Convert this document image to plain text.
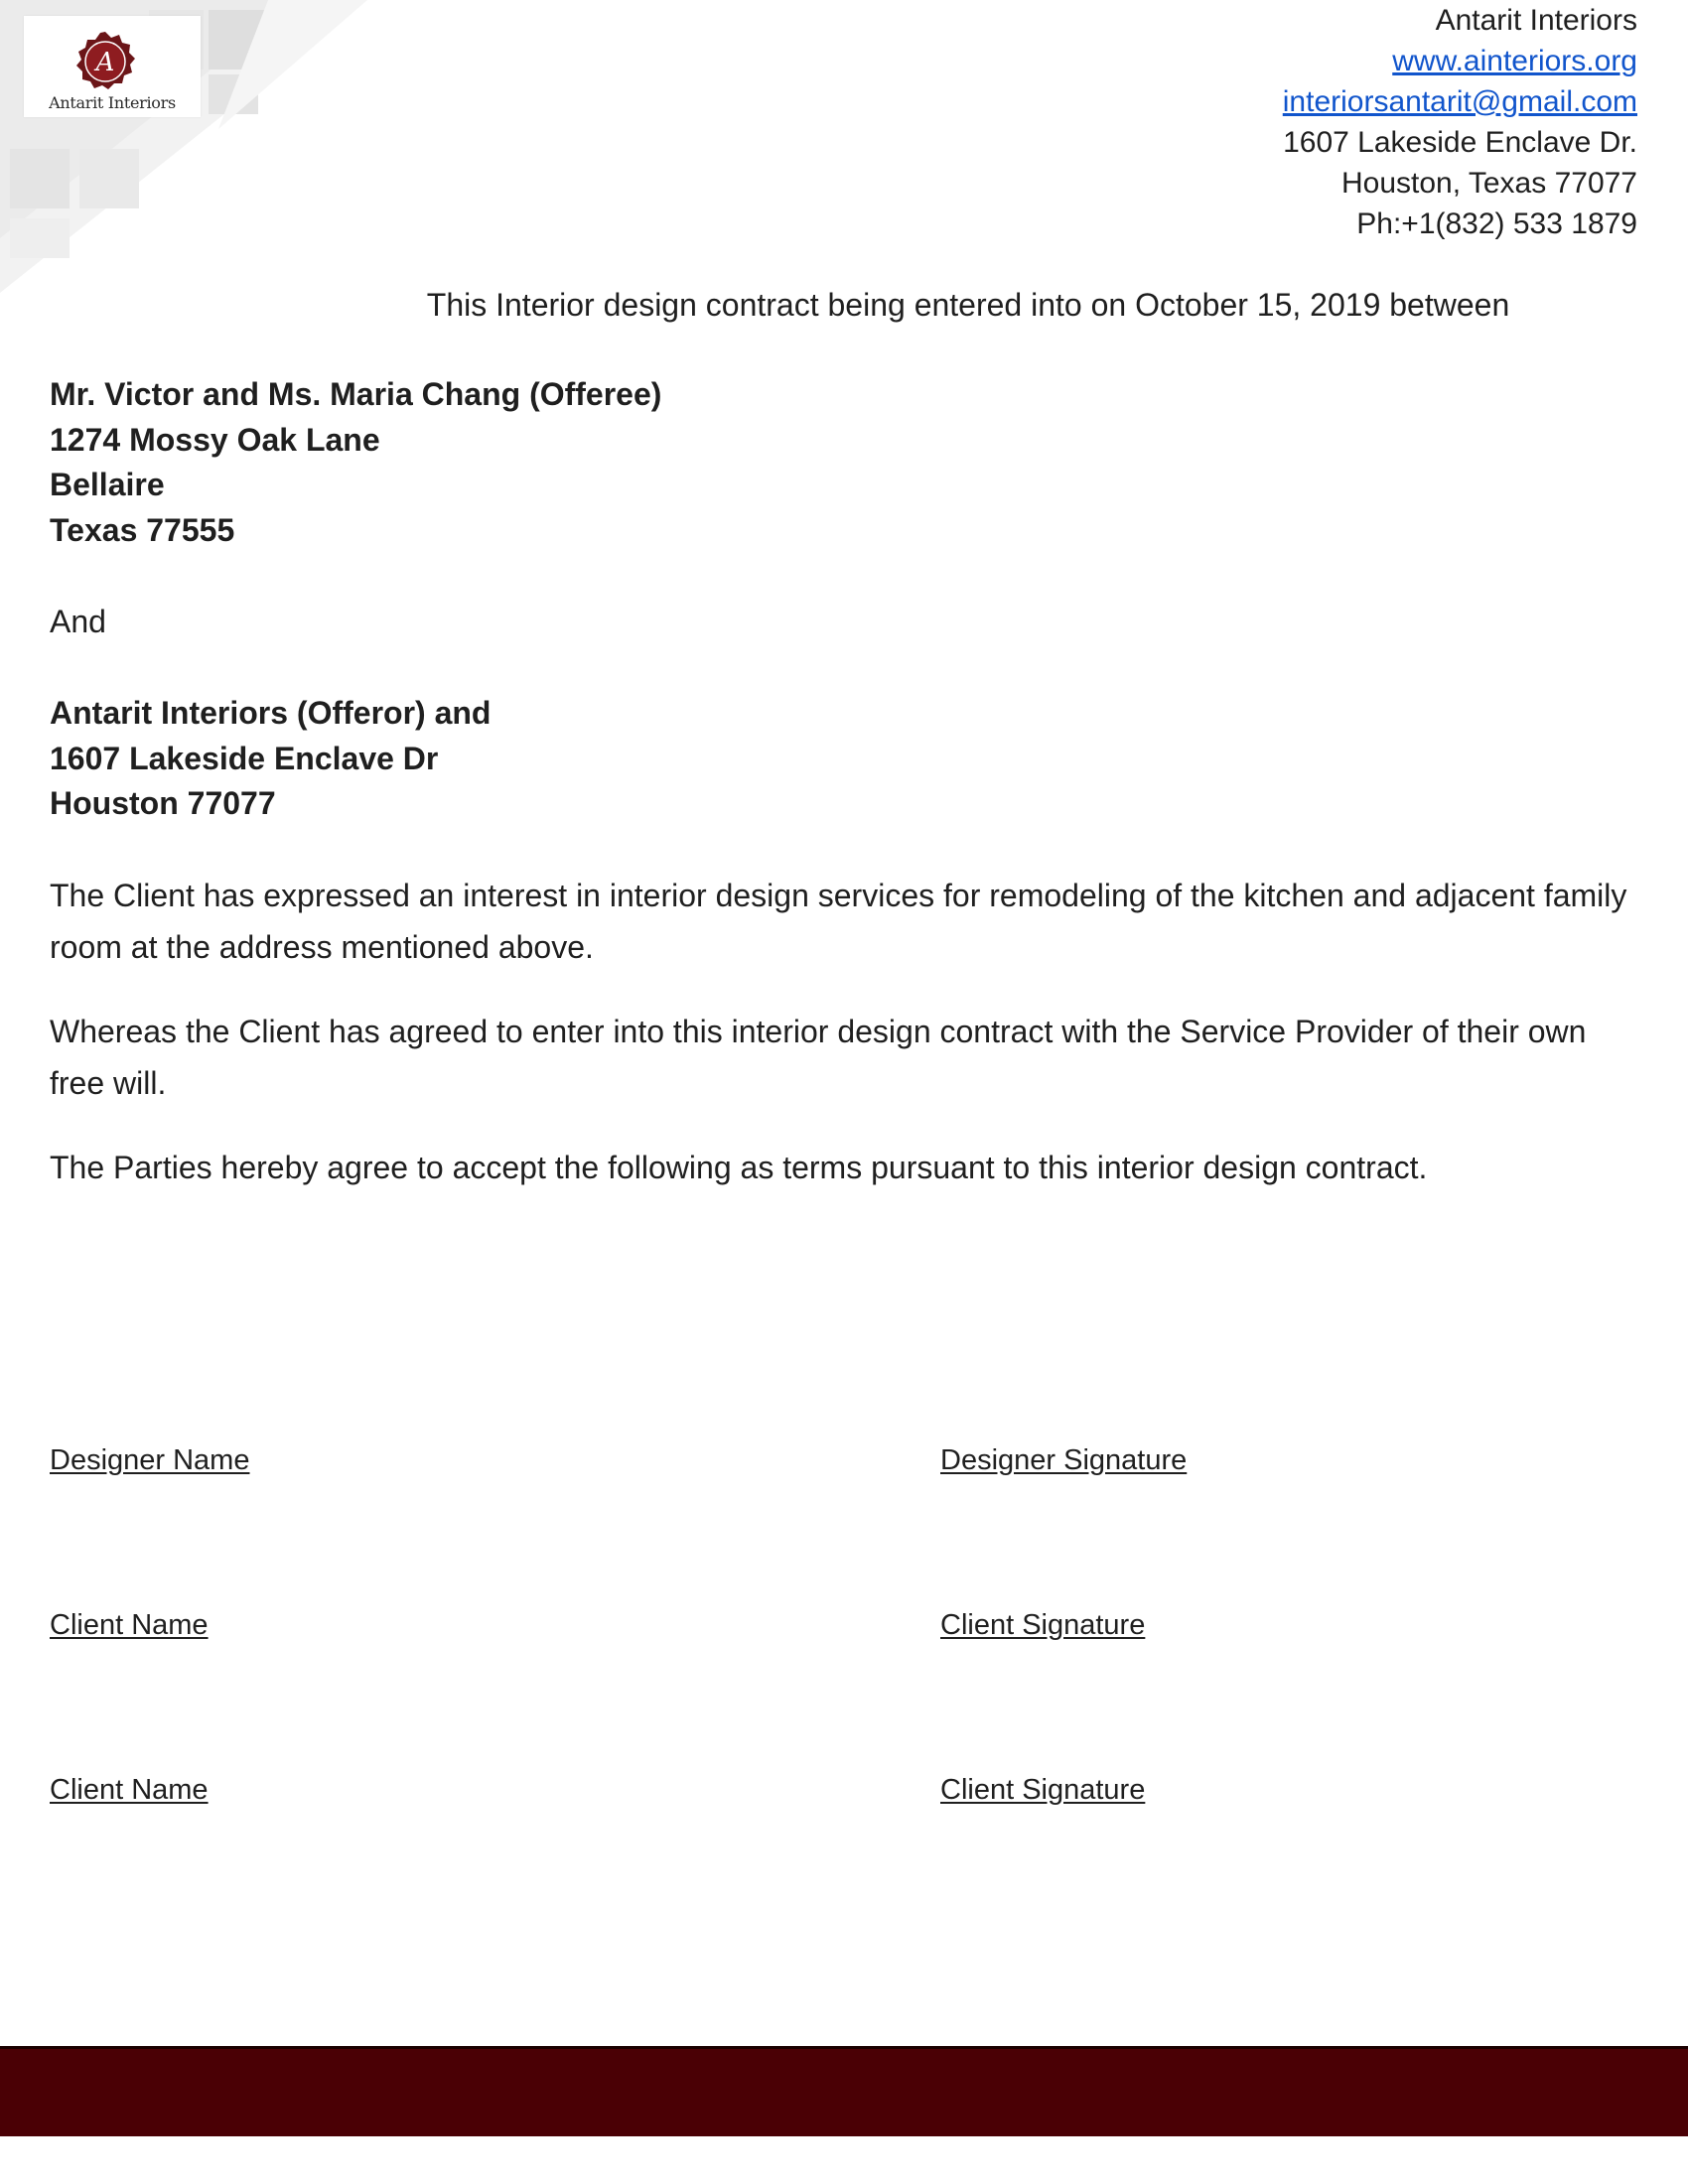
A
Antarit Interiors
Antarit Interiors
www.ainteriors.org
interiorsantarit@gmail.com
1607 Lakeside Enclave Dr.
Houston, Texas 77077
Ph:+1(832) 533 1879
This Interior design contract being entered into on October 15, 2019 between
Mr. Victor and Ms. Maria Chang (Offeree)
1274 Mossy Oak Lane
Bellaire
Texas 77555
And
Antarit Interiors (Offeror) and
1607 Lakeside Enclave Dr
Houston 77077
The Client has expressed an interest in interior design services for remodeling of the kitchen and adjacent family room at the address mentioned above.
Whereas the Client has agreed to enter into this interior design contract with the Service Provider of their own free will.
The Parties hereby agree to accept the following as terms pursuant to this interior design contract.
Designer Name	Designer Signature
Client Name	Client Signature
Client Name	Client Signature
